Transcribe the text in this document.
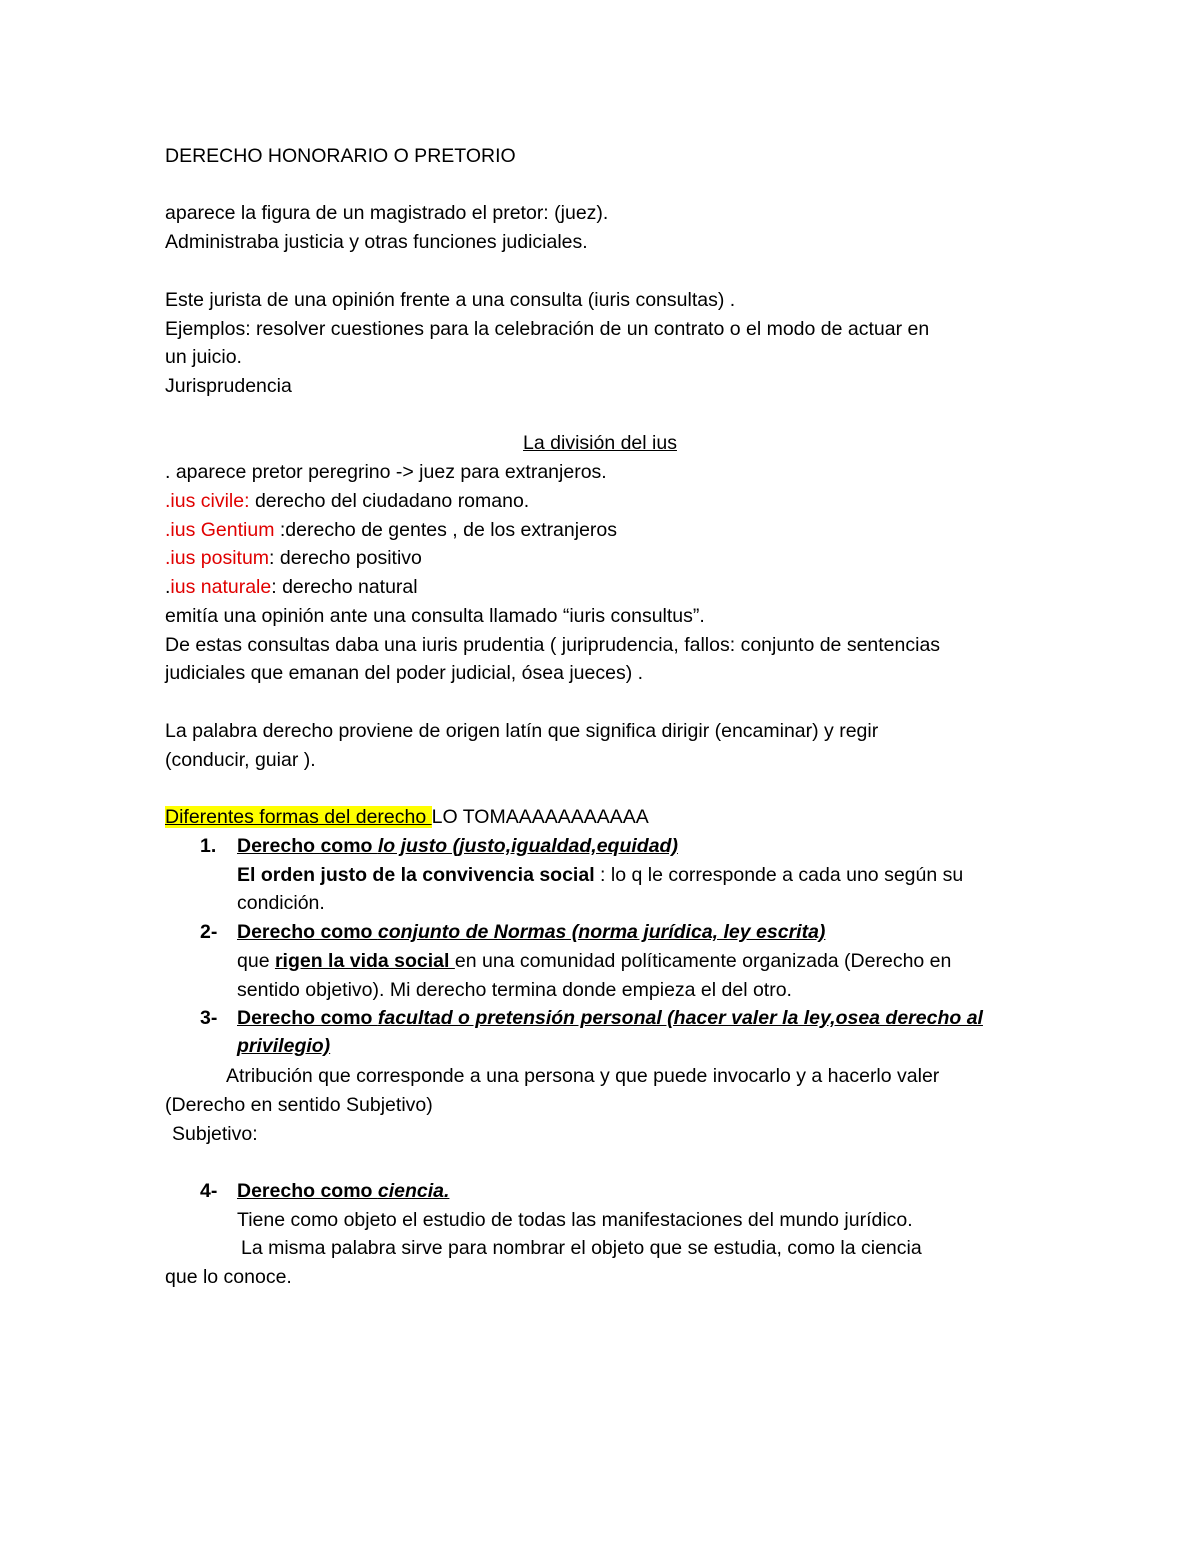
DERECHO HONORARIO O PRETORIO
aparece la figura de un magistrado el pretor: (juez).
Administraba justicia y otras funciones judiciales.
Este jurista de una opinión frente a una consulta (iuris consultas) .
Ejemplos: resolver cuestiones para la celebración de un contrato o el modo de actuar en
un juicio.
Jurisprudencia
La división del ius
. aparece pretor peregrino -> juez para extranjeros.
.ius civile: derecho del ciudadano romano.
.ius Gentium :derecho de gentes , de los extranjeros
.ius positum: derecho positivo
.ius naturale: derecho natural
emitía una opinión ante una consulta llamado “iuris consultus”.
De estas consultas daba una iuris prudentia ( juriprudencia, fallos: conjunto de sentencias
judiciales que emanan del poder judicial, ósea jueces) .
La palabra derecho proviene de origen latín que significa dirigir (encaminar) y regir
(conducir, guiar ).
Diferentes formas del derecho LO TOMAAAAAAAAAAA
1. Derecho como lo justo (justo,igualdad,equidad)
El orden justo de la convivencia social : lo q le corresponde a cada uno según su
condición.
2- Derecho como conjunto de Normas (norma jurídica, ley escrita)
que rigen la vida social en una comunidad políticamente organizada (Derecho en
sentido objetivo). Mi derecho termina donde empieza el del otro.
3- Derecho como facultad o pretensión personal (hacer valer la ley,osea derecho al
privilegio)
Atribución que corresponde a una persona y que puede invocarlo y a hacerlo valer
(Derecho en sentido Subjetivo)
Subjetivo:
4- Derecho como ciencia.
Tiene como objeto el estudio de todas las manifestaciones del mundo jurídico.
La misma palabra sirve para nombrar el objeto que se estudia, como la ciencia
que lo conoce.
